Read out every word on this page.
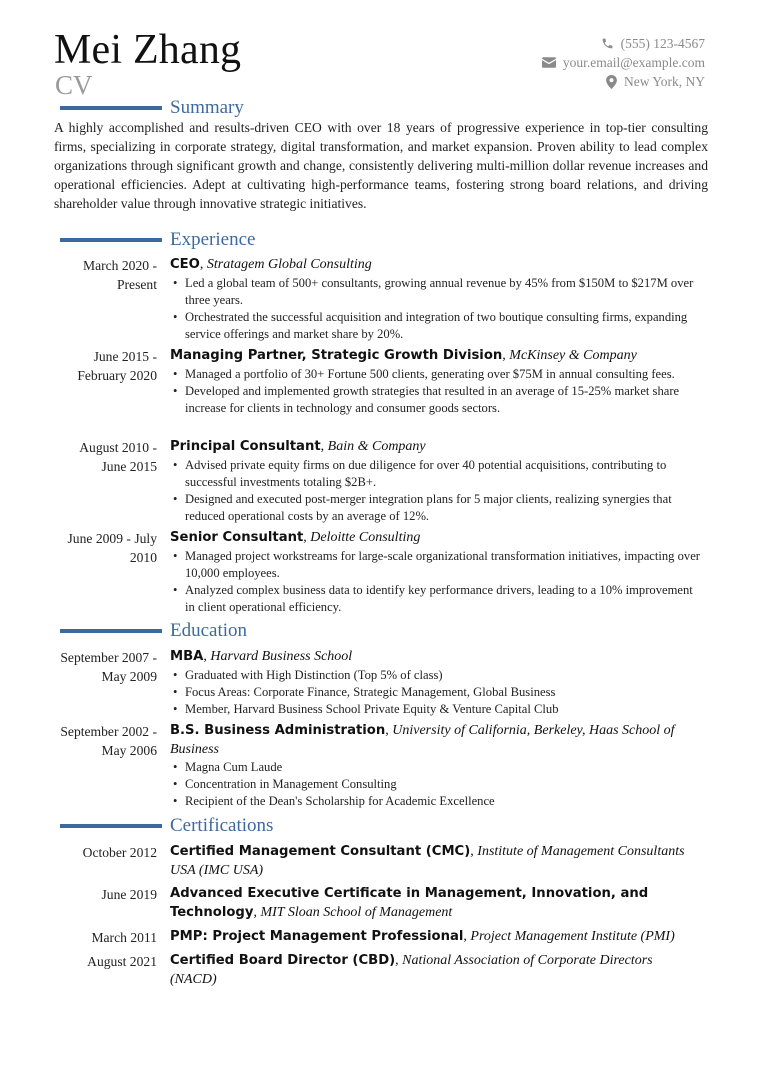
Mei Zhang
CV
(555) 123-4567
your.email@example.com
New York, NY
Summary

A highly accomplished and results-driven CEO with over 18 years of progressive experience in top-tier consulting firms, specializing in corporate strategy, digital transformation, and market expansion. Proven ability to lead complex organizations through significant growth and change, consistently delivering multi-million dollar revenue increases and operational efficiencies. Adept at cultivating high-performance teams, fostering strong board relations, and driving shareholder value through innovative strategic initiatives.

Experience
March 2020 - Present
CEO, Stratagem Global Consulting
• Led a global team of 500+ consultants, growing annual revenue by 45% from $150M to $217M over three years.
• Orchestrated the successful acquisition and integration of two boutique consulting firms, expanding service offerings and market share by 20%.
June 2015 - February 2020
Managing Partner, Strategic Growth Division, McKinsey & Company
• Managed a portfolio of 30+ Fortune 500 clients, generating over $75M in annual consulting fees.
• Developed and implemented growth strategies that resulted in an average of 15-25% market share increase for clients in technology and consumer goods sectors.
August 2010 - June 2015
Principal Consultant, Bain & Company
• Advised private equity firms on due diligence for over 40 potential acquisitions, contributing to successful investments totaling $2B+.
• Designed and executed post-merger integration plans for 5 major clients, realizing synergies that reduced operational costs by an average of 12%.
June 2009 - July 2010
Senior Consultant, Deloitte Consulting
• Managed project workstreams for large-scale organizational transformation initiatives, impacting over 10,000 employees.
• Analyzed complex business data to identify key performance drivers, leading to a 10% improvement in client operational efficiency.
Education
September 2007 - May 2009
MBA, Harvard Business School
• Graduated with High Distinction (Top 5% of class)
• Focus Areas: Corporate Finance, Strategic Management, Global Business
• Member, Harvard Business School Private Equity & Venture Capital Club
September 2002 - May 2006
B.S. Business Administration, University of California, Berkeley, Haas School of Business
• Magna Cum Laude
• Concentration in Management Consulting
• Recipient of the Dean's Scholarship for Academic Excellence
Certifications
October 2012 Certified Management Consultant (CMC), Institute of Management Consultants USA (IMC USA)
June 2019 Advanced Executive Certificate in Management, Innovation, and Technology, MIT Sloan School of Management
March 2011 PMP: Project Management Professional, Project Management Institute (PMI)
August 2021 Certified Board Director (CBD), National Association of Corporate Directors (NACD)
